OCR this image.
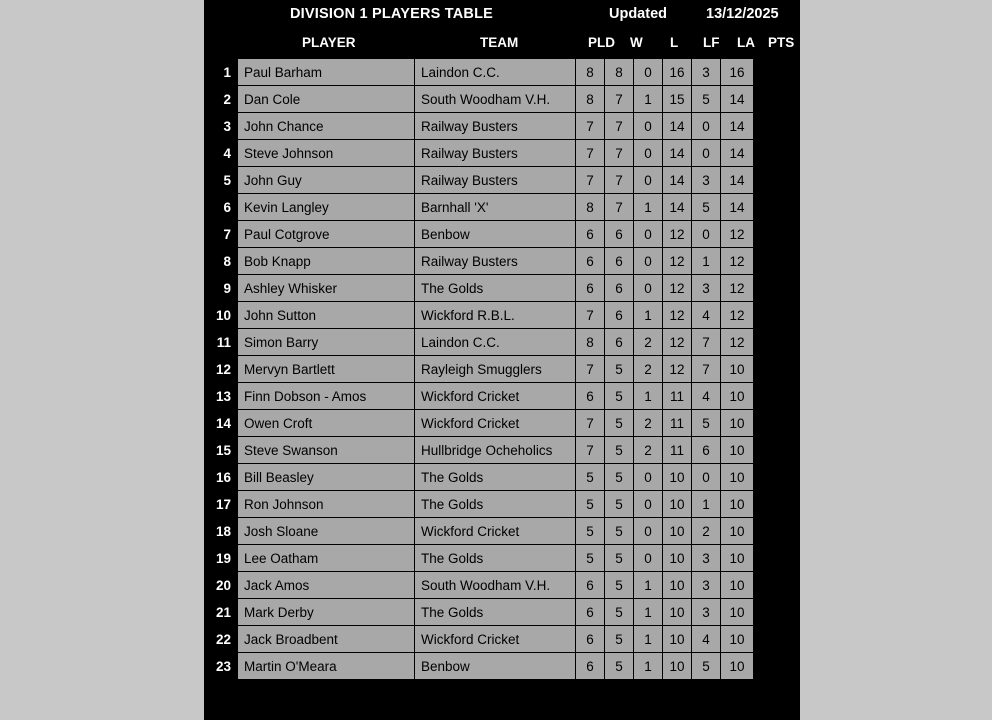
DIVISION 1 PLAYERS TABLE	Updated	13/12/2025
PLAYER	TEAM	PLD W L LF LA PTS
1	Paul Barham	Laindon C.C.	8	8	0	16	3	16
2	Dan Cole	South Woodham V.H.	8	7	1	15	5	14
3	John Chance	Railway Busters	7	7	0	14	0	14
4	Steve Johnson	Railway Busters	7	7	0	14	0	14
5	John Guy	Railway Busters	7	7	0	14	3	14
6	Kevin Langley	Barnhall 'X'	8	7	1	14	5	14
7	Paul Cotgrove	Benbow	6	6	0	12	0	12
8	Bob Knapp	Railway Busters	6	6	0	12	1	12
9	Ashley Whisker	The Golds	6	6	0	12	3	12
10	John Sutton	Wickford R.B.L.	7	6	1	12	4	12
11	Simon Barry	Laindon C.C.	8	6	2	12	7	12
12	Mervyn Bartlett	Rayleigh Smugglers	7	5	2	12	7	10
13	Finn Dobson - Amos	Wickford Cricket	6	5	1	11	4	10
14	Owen Croft	Wickford Cricket	7	5	2	11	5	10
15	Steve Swanson	Hullbridge Ocheholics	7	5	2	11	6	10
16	Bill Beasley	The Golds	5	5	0	10	0	10
17	Ron Johnson	The Golds	5	5	0	10	1	10
18	Josh Sloane	Wickford Cricket	5	5	0	10	2	10
19	Lee Oatham	The Golds	5	5	0	10	3	10
20	Jack Amos	South Woodham V.H.	6	5	1	10	3	10
21	Mark Derby	The Golds	6	5	1	10	3	10
22	Jack Broadbent	Wickford Cricket	6	5	1	10	4	10
23	Martin O'Meara	Benbow	6	5	1	10	5	10
